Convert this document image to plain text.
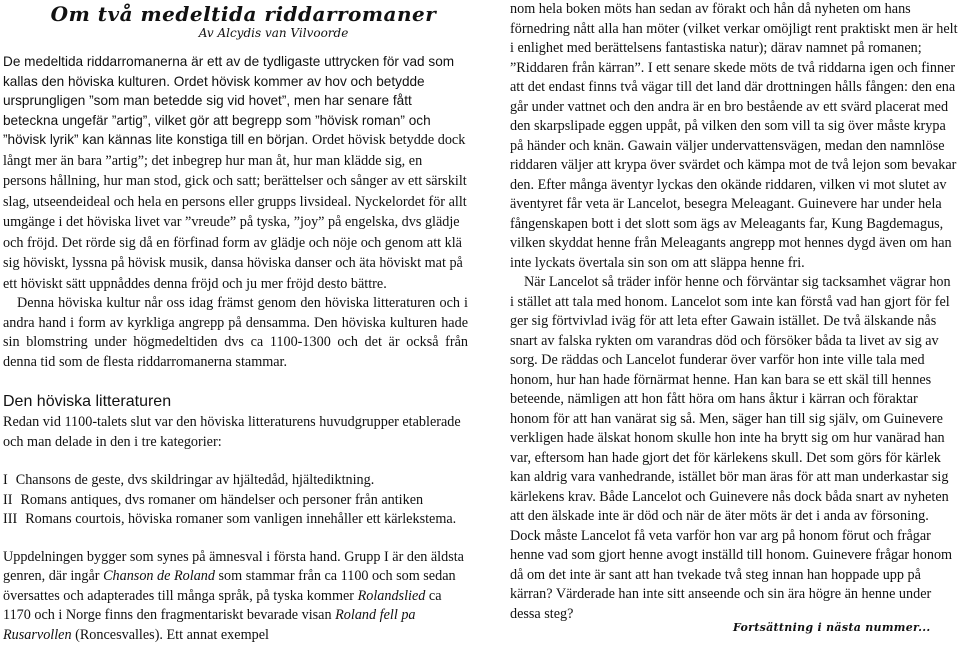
Om två medeltida riddarromaner
Av Alcydis van Vilvoorde

De medeltida riddarromanerna är ett av de tydligaste uttrycken för vad som kallas den höviska kulturen. Ordet hövisk kommer av hov och betydde ursprungligen ”som man betedde sig vid hovet”, men har senare fått beteckna ungefär ”artig”, vilket gör att begrepp som ”hövisk roman” och ”hövisk lyrik” kan kännas lite konstiga till en början. Ordet hövisk betydde dock långt mer än bara ”artig”; det inbegrep hur man åt, hur man klädde sig, en persons hållning, hur man stod, gick och satt; berättelser och sånger av ett särskilt slag, utseendeideal och hela en persons eller grupps livsideal. Nyckelordet för allt umgänge i det höviska livet var ”vreude” på tyska, ”joy” på engelska, dvs glädje och fröjd. Det rörde sig då en förfinad form av glädje och nöje och genom att klä sig höviskt, lyssna på hövisk musik, dansa höviska danser och äta höviskt mat på ett höviskt sätt uppnåddes denna fröjd och ju mer fröjd desto bättre.

Denna höviska kultur når oss idag främst genom den höviska litteraturen och i andra hand i form av kyrkliga angrepp på densamma. Den höviska kulturen hade sin blomstring under högmedeltiden dvs ca 1100-1300 och det är också från denna tid som de flesta riddarromanerna stammar.

Den höviska litteraturen

Redan vid 1100-talets slut var den höviska litteraturens huvudgrupper etablerade och man delade in den i tre kategorier:

I Chansons de geste, dvs skildringar av hjältedåd, hjältediktning.

II Romans antiques, dvs romaner om händelser och personer från antiken

III Romans courtois, höviska romaner som vanligen innehåller ett kärlekstema.

Uppdelningen bygger som synes på ämnesval i första hand. Grupp I är den äldsta genren, där ingår Chanson de Roland som stammar från ca 1100 och som sedan översattes och adapterades till många språk, på tyska kommer Rolandslied ca 1170 och i Norge finns den fragmentariskt bevarade visan Roland fell pa Rusarvollen (Roncesvalles). Ett annat exempel

nom hela boken möts han sedan av förakt och hån då nyheten om hans förnedring nått alla han möter (vilket verkar omöjligt rent praktiskt men är helt i enlighet med berättelsens fantastiska natur); därav namnet på romanen; ”Riddaren från kärran”. I ett senare skede möts de två riddarna igen och finner att det endast finns två vägar till det land där drottningen hålls fången: den ena går under vattnet och den andra är en bro bestående av ett svärd placerat med den skarpslipade eggen uppåt, på vilken den som vill ta sig över måste krypa på händer och knän. Gawain väljer undervattensvägen, medan den namnlöse riddaren väljer att krypa över svärdet och kämpa mot de två lejon som bevakar den. Efter många äventyr lyckas den okände riddaren, vilken vi mot slutet av äventyret får veta är Lancelot, besegra Meleagant. Guinevere har under hela fångenskapen bott i det slott som ägs av Meleagants far, Kung Bagdemagus, vilken skyddat henne från Meleagants angrepp mot hennes dygd även om han inte lyckats övertala sin son om att släppa henne fri.

När Lancelot så träder inför henne och förväntar sig tacksamhet vägrar hon i stället att tala med honom. Lancelot som inte kan förstå vad han gjort för fel ger sig förtvivlad iväg för att leta efter Gawain istället. De två älskande nås snart av falska rykten om varandras död och försöker båda ta livet av sig av sorg. De räddas och Lancelot funderar över varför hon inte ville tala med honom, hur han hade förnärmat henne. Han kan bara se ett skäl till hennes beteende, nämligen att hon fått höra om hans åktur i kärran och föraktar honom för att han vanärat sig så. Men, säger han till sig själv, om Guinevere verkligen hade älskat honom skulle hon inte ha brytt sig om hur vanärad han var, eftersom han hade gjort det för kärlekens skull. Det som görs för kärlek kan aldrig vara vanhedrande, istället bör man äras för att man underkastar sig kärlekens krav. Både Lancelot och Guinevere nås dock båda snart av nyheten att den älskade inte är död och när de äter möts är det i anda av försoning. Dock måste Lancelot få veta varför hon var arg på honom förut och frågar henne vad som gjort henne avogt inställd till honom. Guinevere frågar honom då om det inte är sant att han tvekade två steg innan han hoppade upp på kärran? Värderade han inte sitt anseende och sin ära högre än henne under dessa steg?

Fortsättning i nästa nummer...
